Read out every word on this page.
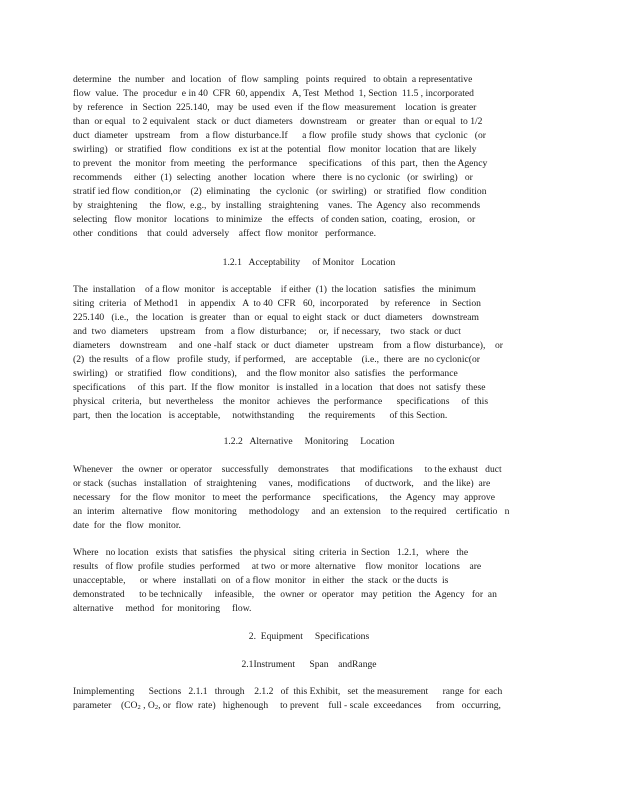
determine   the  number   and  location   of  flow  sampling   points  required   to obtain  a representative
flow  value.  The  procedur  e in 40  CFR  60, appendix   A, Test  Method  1, Section  11.5 , incorporated
by  reference   in  Section  225.140,   may  be  used  even  if  the flow  measurement    location  is greater
than  or equal   to 2 equivalent   stack  or  duct  diameters   downstream    or  greater   than  or equal  to 1/2
duct  diameter   upstream    from   a flow  disturbance.If      a flow  profile  study  shows  that  cyclonic   (or
swirling)   or  stratified   flow  conditions   ex ist at the  potential   flow  monitor  location  that are  likely
to prevent   the  monitor  from  meeting   the  performance     specifications    of this  part,  then  the Agency
recommends     either  (1)  selecting   another   location   where   there  is no cyclonic   (or  swirling)   or
stratif ied flow  condition,or    (2)  eliminating    the  cyclonic   (or  swirling)   or  stratified   flow  condition
by  straightening     the  flow,  e.g.,  by  installing   straightening    vanes.  The  Agency  also  recommends
selecting   flow  monitor   locations   to minimize    the  effects   of conden sation,  coating,   erosion,   or
other  conditions    that  could  adversely    affect  flow  monitor   performance.
1.2.1   Acceptability     of Monitor   Location
The  installation    of a flow  monitor   is acceptable    if either  (1)  the location   satisfies   the  minimum
siting  criteria   of Method1    in  appendix   A  to 40  CFR   60,  incorporated     by  reference    in  Section
225.140   (i.e.,   the  location   is greater   than  or  equal  to eight  stack  or  duct  diameters    downstream
and  two  diameters     upstream    from   a flow  disturbance;     or,  if necessary,    two  stack  or duct
diameters    downstream     and  one -half  stack  or  duct  diameter    upstream    from  a flow  disturbance),    or
(2)  the results   of a flow   profile  study,  if performed,    are  acceptable    (i.e.,  there  are  no cyclonic(or
swirling)   or  stratified   flow  conditions),    and  the flow monitor  also  satisfies   the  performance
specifications     of  this  part.  If the  flow  monitor   is installed   in a location   that does  not  satisfy  these
physical   criteria,   but  nevertheless    the  monitor   achieves   the  performance      specifications     of  this
part,  then  the location   is acceptable,     notwithstanding      the  requirements      of this Section.
1.2.2   Alternative     Monitoring     Location
Whenever    the  owner   or operator    successfully    demonstrates     that  modifications     to the exhaust   duct
or stack  (suchas   installation   of  straightening     vanes,  modifications      of ductwork,    and  the like)  are
necessary    for  the  flow  monitor   to meet  the  performance     specifications,     the  Agency   may  approve
an  interim   alternative    flow  monitoring     methodology     and  an  extension    to the required    certificatio   n
date  for  the  flow  monitor.
Where   no location   exists  that  satisfies   the physical   siting  criteria  in Section   1.2.1,   where   the
results   of flow  profile  studies  performed     at two  or more  alternative    flow  monitor   locations    are
unacceptable,      or  where   installati  on  of a flow  monitor   in either   the  stack  or the ducts  is
demonstrated      to be technically     infeasible,    the  owner  or  operator   may  petition   the  Agency   for  an
alternative     method   for  monitoring     flow.
2.  Equipment     Specifications
2.1Instrument      Span    andRange
Inimplementing      Sections   2.1.1   through    2.1.2   of  this Exhibit,   set  the measurement      range  for  each
parameter    ($CO_2$ , $O_2$, or  flow  rate)   highenough     to prevent    full - scale  exceedances      from   occurring,
